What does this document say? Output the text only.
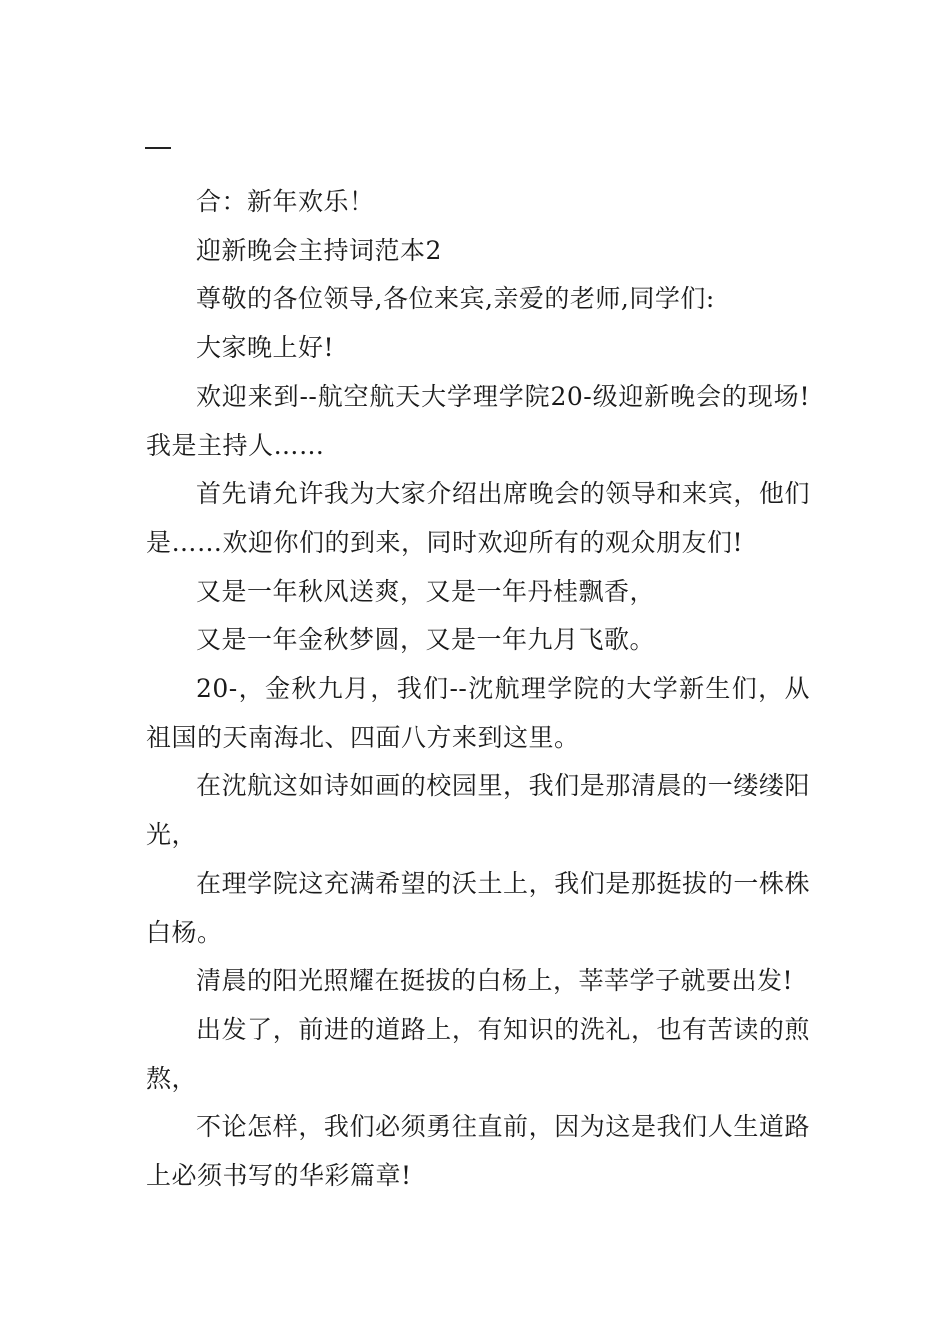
合：新年欢乐！

迎新晚会主持词范本2

尊敬的各位领导,各位来宾,亲爱的老师,同学们:

大家晚上好!

欢迎来到--航空航天大学理学院20-级迎新晚会的现场!我是主持人……

首先请允许我为大家介绍出席晚会的领导和来宾，他们是……欢迎你们的到来，同时欢迎所有的观众朋友们!

又是一年秋风送爽，又是一年丹桂飘香，

又是一年金秋梦圆，又是一年九月飞歌。

20-，金秋九月，我们--沈航理学院的大学新生们，从祖国的天南海北、四面八方来到这里。

在沈航这如诗如画的校园里，我们是那清晨的一缕缕阳光，

在理学院这充满希望的沃土上，我们是那挺拔的一株株白杨。

清晨的阳光照耀在挺拔的白杨上，莘莘学子就要出发!

出发了，前进的道路上，有知识的洗礼，也有苦读的煎熬，

不论怎样，我们必须勇往直前，因为这是我们人生道路上必须书写的华彩篇章!
